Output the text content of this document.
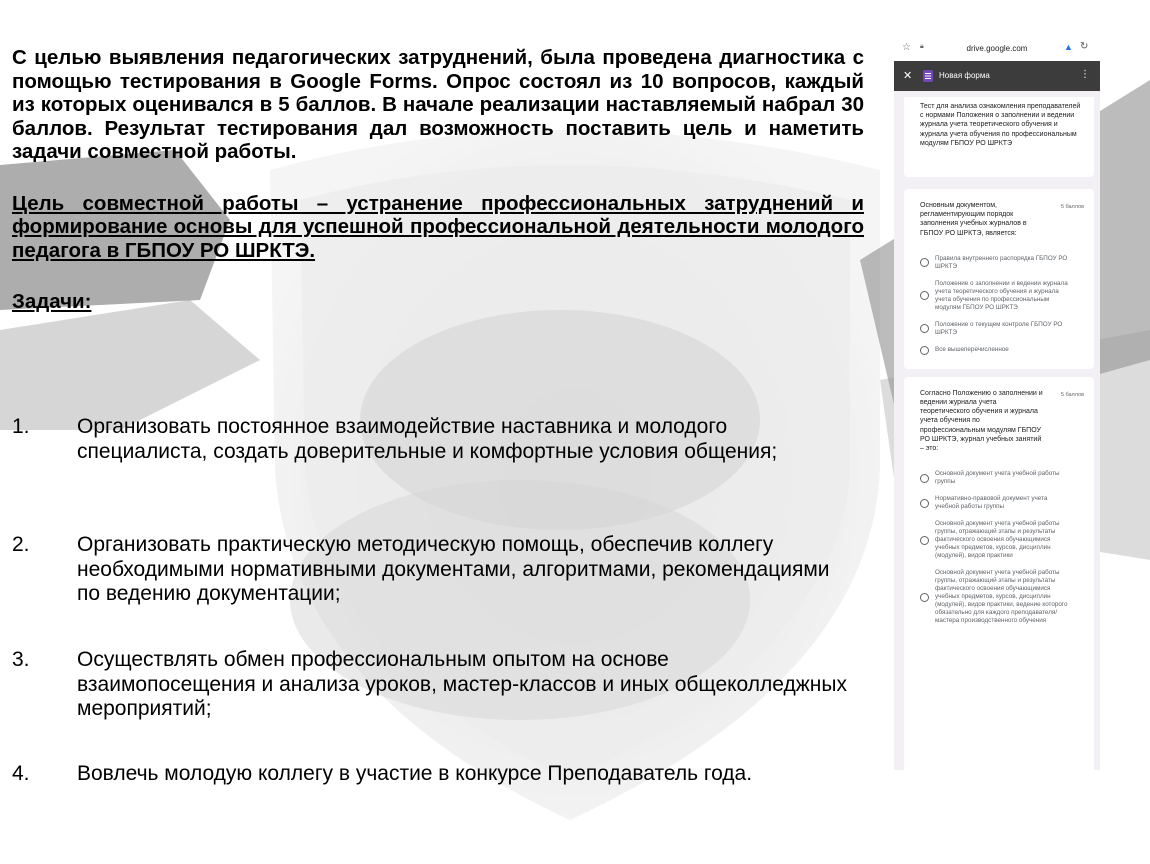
С целью выявления педагогических затруднений, была проведена диагностика с помощью тестирования в Google Forms. Опрос состоял из 10 вопросов, каждый из которых оценивался в 5 баллов. В начале реализации наставляемый набрал 30 баллов. Результат тестирования дал возможность поставить цель и наметить задачи совместной работы.

Цель совместной работы – устранение профессиональных затруднений и формирование основы для успешной профессиональной деятельности молодого педагога в ГБПОУ РО ШРКТЭ.

Задачи:

1.	Организовать постоянное взаимодействие наставника и молодого специалиста, создать доверительные и комфортные условия общения;
2.	Организовать практическую методическую помощь, обеспечив коллегу необходимыми нормативными документами, алгоритмами, рекомендациями по ведению документации;
3.	Осуществлять обмен профессиональным опытом на основе взаимопосещения и анализа уроков, мастер-классов и иных общеколледжных мероприятий;
4.	Вовлечь молодую коллегу в участие в конкурсе Преподаватель года.
☆ 🔒︎	drive.google.com	▲ ↻
✕	Новая форма	⋮
Тест для анализа ознакомления преподавателей с нормами Положения о заполнении и ведении журнала учета теоретического обучения и журнала учета обучения по профессиональным модулям ГБПОУ РО ШРКТЭ
Основным документом, регламентирующим порядок заполнения учебных журналов в ГБПОУ РО ШРКТЭ, является:
5 баллов
Правила внутреннего распорядка ГБПОУ РО ШРКТЭ
Положение о заполнении и ведении журнала учета теоретического обучения и журнала учета обучения по профессиональным модулям ГБПОУ РО ШРКТЭ
Положение о текущем контроле ГБПОУ РО ШРКТЭ
Все вышеперечисленное
Согласно Положению о заполнении и ведении журнала учета теоретического обучения и журнала учета обучения по профессиональным модулям ГБПОУ РО ШРКТЭ, журнал учебных занятий – это:
5 баллов
Основной документ учета учебной работы группы
Нормативно-правовой документ учета учебной работы группы
Основной документ учета учебной работы группы, отражающий этапы и результаты фактического освоения обучающимися учебных предметов, курсов, дисциплин (модулей), видов практики
Основной документ учета учебной работы группы, отражающий этапы и результаты фактического освоения обучающимися учебных предметов, курсов, дисциплин (модулей), видов практики, ведение которого обязательно для каждого преподавателя/мастера производственного обучения
